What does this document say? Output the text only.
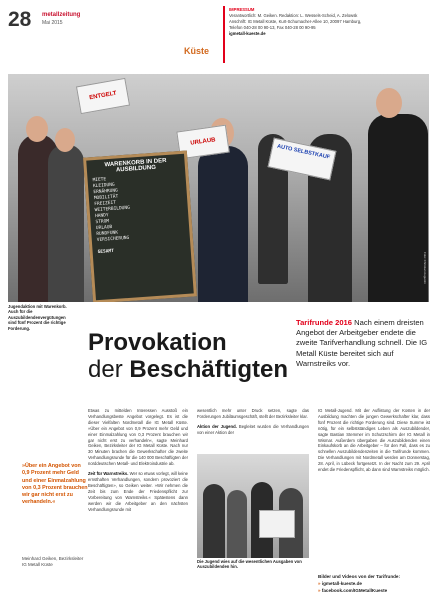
28 metallzeitung
Mai 2015
Küste
IMPRESSUM
Verantwortlich: M. Geiken. Redaktion: L. Wessels-Scheid, A. Zelowsk
Anschrift: IG Metall Küste, Kurt-Schumacher-Allee 10, 20097 Hamburg,
Telefon 040-28 00 90-13, Fax 040-28 00 90-95
igmetall-kueste.de
ENTGELT
URLAUB
AUTO SELBSTKAUF
WARENKORB IN DER AUSBILDUNG
MIETE
KLEIDUNG
ERNÄHRUNG
MOBILITÄT
FREIZEIT
WEITERBILDUNG
HANDY
STROM
URLAUB
RUNDFUNK
VERSICHERUNG
GESAMT
Foto: Christian Augustin
Jugendaktion mit Warenkorb. Auch für die Auszubildendenvergütungen sind fünf Prozent die richtige Forderung.
Tarifrunde 2016 Nach einem dreisten Angebot der Arbeitgeber endete die zweite Tarifverhandlung schnell. Die IG Metall Küste bereitet sich auf Warnstreiks vor.
Provokation
der Beschäftigten
Etwas zu mittelden Interessen Ausstoß ein Verhandlungsbeste Angebot vorgelegt. Es ist die dieser Vielfalten Nordmetall die IG Metall Küste. »Über ein Angebot von 0,9 Prozent mehr Geld und einer Einmalzahlung von 0,3 Prozent brauchen wir gar nicht erst zu verhandeln«, sagte Meinhard Geiken, Bezirksleiter der IG Metall Küste. Nach nur 30 Minuten brachen die Gewerkschafter die zweite Verhandlungsrunde für die 140 000 Beschäftigten der norddeutschen Metall- und Elektroindustrie ab.
Zeit für Warnstreiks. Wer so etwas vorlegt, will keine ernsthaften Verhandlungen, sondern provoziert die Beschäftigten», so Geiken weiter. »Wir nehmen die Zeit bis zum Ende der Friedenspflicht zur Vorbereitung von Warnstreiks.« Spätestens dann werden wir die Arbeitgeber an den nächsten Verhandlungsrunde mit
wesentlich mehr unter Druck setzen, sagte das Forderungen Jubiläumsgeschäft, stellt der Bezirksleiter klar.
Aktion der Jugend. Begleitet wurden die Verhandlungen von einer Aktion der
Die Jugend wies auf die wesentlichen Ausgaben von Auszubildenden hin.
IG Metall-Jugend. Mit der Auflistung der Kosten in der Ausbildung machten die jungen Gewerkschafter klar, dass fünf Prozent die richtige Forderung sind. Diese Summe ist nötig, für ein selbstständiges Leben als Auszubildender, sagte Bastian Stemmer im Schutzschirm der IG Metall in Wismar. Außerdem übergaben die Auszubildenden einen Einkaufskorb an die Arbeitgeber – für den Fall, dass es zu schnellen Auszubildendenzeiten in die Tarifrunde kommen. Die Verhandlungen mit Nordmetall werden am Donnerstag, 28. April, in Lübeck fortgesetzt. In der Nacht zum 29. April endet die Friedenspflicht, ab dann sind Warnstreiks möglich.
»Über ein Angebot von 0,9 Prozent mehr Geld und einer Einmalzahlung von 0,3 Prozent brauchen wir gar nicht erst zu verhandeln.«
Meinhard Geiken, Bezirksleiter IG Metall Küste
Bilder und Videos von der Tarifrunde:
» igmetall-kueste.de
» facebook.com/IGMetallKueste
